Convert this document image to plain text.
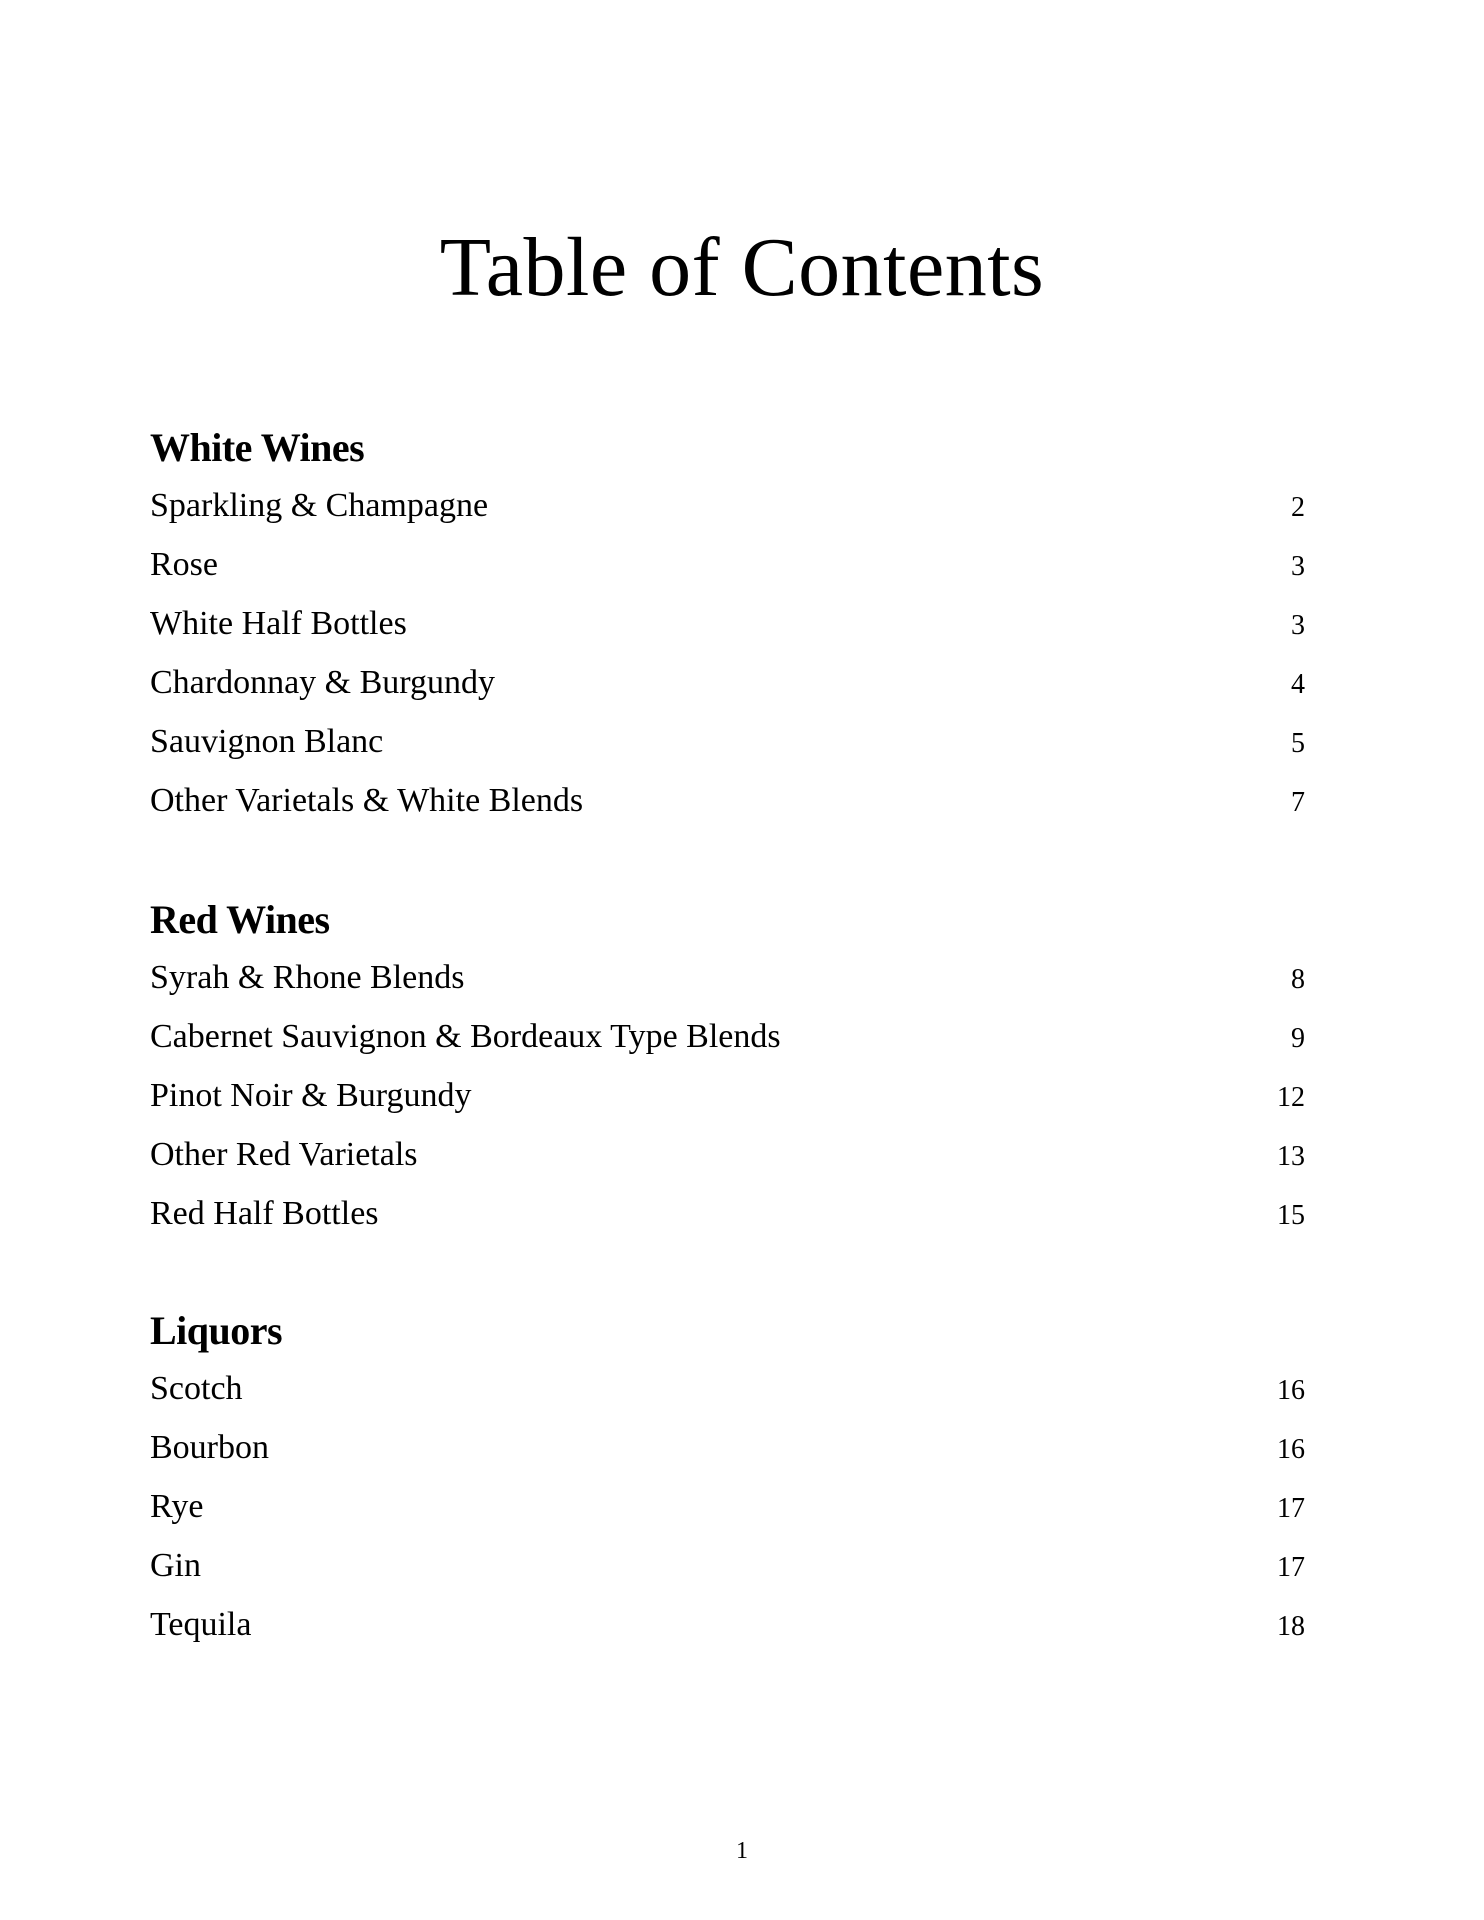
Table of Contents
White Wines
Sparkling & Champagne	2
Rose	3
White Half Bottles	3
Chardonnay & Burgundy	4
Sauvignon Blanc	5
Other Varietals & White Blends	7
Red Wines
Syrah & Rhone Blends	8
Cabernet Sauvignon & Bordeaux Type Blends	9
Pinot Noir & Burgundy	12
Other Red Varietals	13
Red Half Bottles	15
Liquors
Scotch	16
Bourbon	16
Rye	17
Gin	17
Tequila	18
1
